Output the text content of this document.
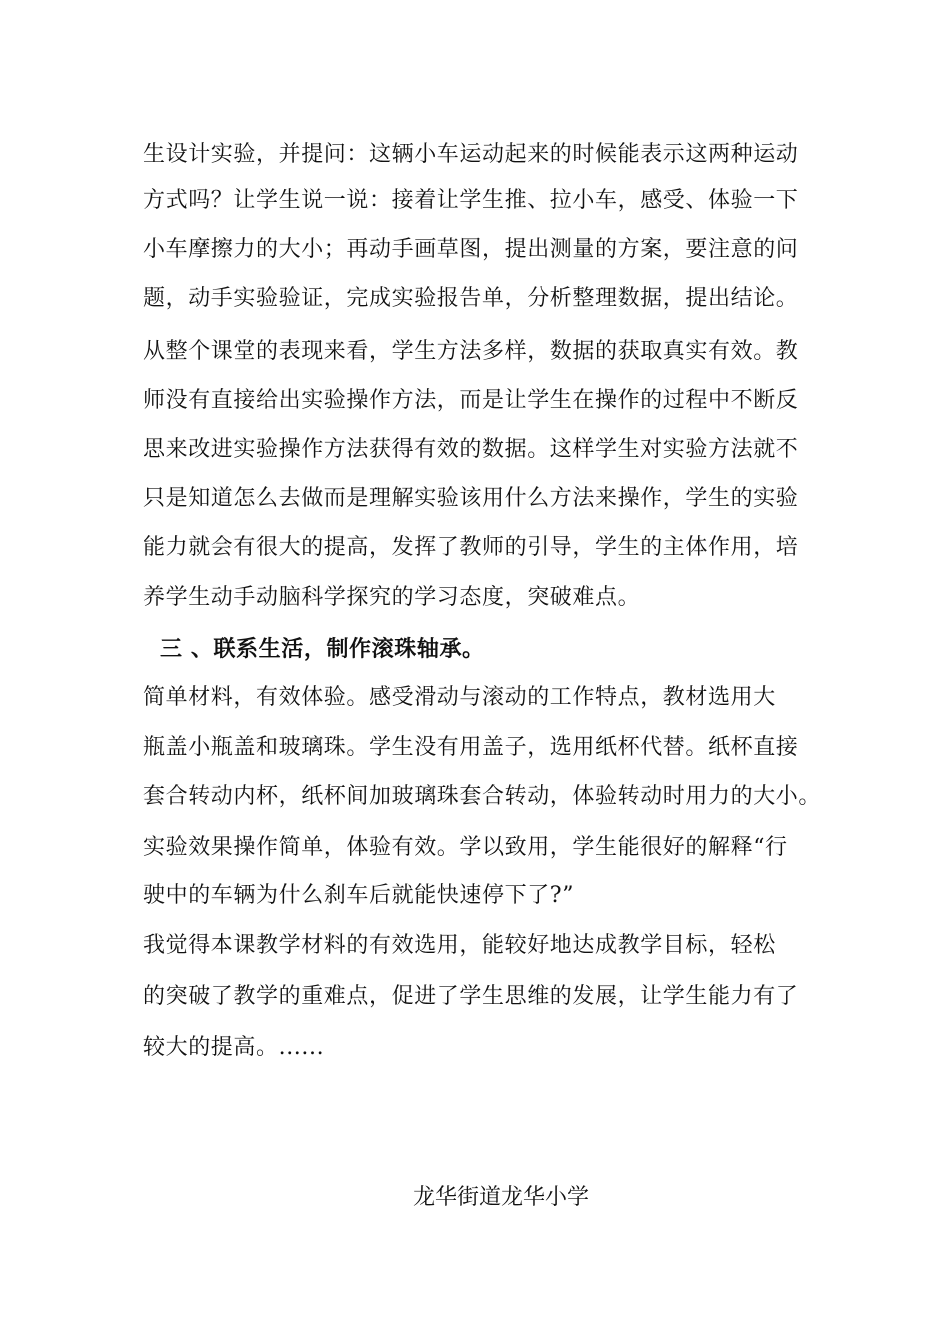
生设计实验，并提问：这辆小车运动起来的时候能表示这两种运动
方式吗？让学生说一说：接着让学生推、拉小车，感受、体验一下
小车摩擦力的大小；再动手画草图，提出测量的方案，要注意的问
题，动手实验验证，完成实验报告单，分析整理数据，提出结论。
从整个课堂的表现来看，学生方法多样，数据的获取真实有效。教
师没有直接给出实验操作方法，而是让学生在操作的过程中不断反
思来改进实验操作方法获得有效的数据。这样学生对实验方法就不
只是知道怎么去做而是理解实验该用什么方法来操作，学生的实验
能力就会有很大的提高，发挥了教师的引导，学生的主体作用，培
养学生动手动脑科学探究的学习态度，突破难点。
三 、联系生活，制作滚珠轴承。
简单材料，有效体验。感受滑动与滚动的工作特点，教材选用大
瓶盖小瓶盖和玻璃珠。学生没有用盖子，选用纸杯代替。纸杯直接
套合转动内杯，纸杯间加玻璃珠套合转动，体验转动时用力的大小。
实验效果操作简单，体验有效。学以致用，学生能很好的解释“行
驶中的车辆为什么刹车后就能快速停下了?”
我觉得本课教学材料的有效选用，能较好地达成教学目标，轻松
的突破了教学的重难点，促进了学生思维的发展，让学生能力有了
较大的提高。......
龙华街道龙华小学
